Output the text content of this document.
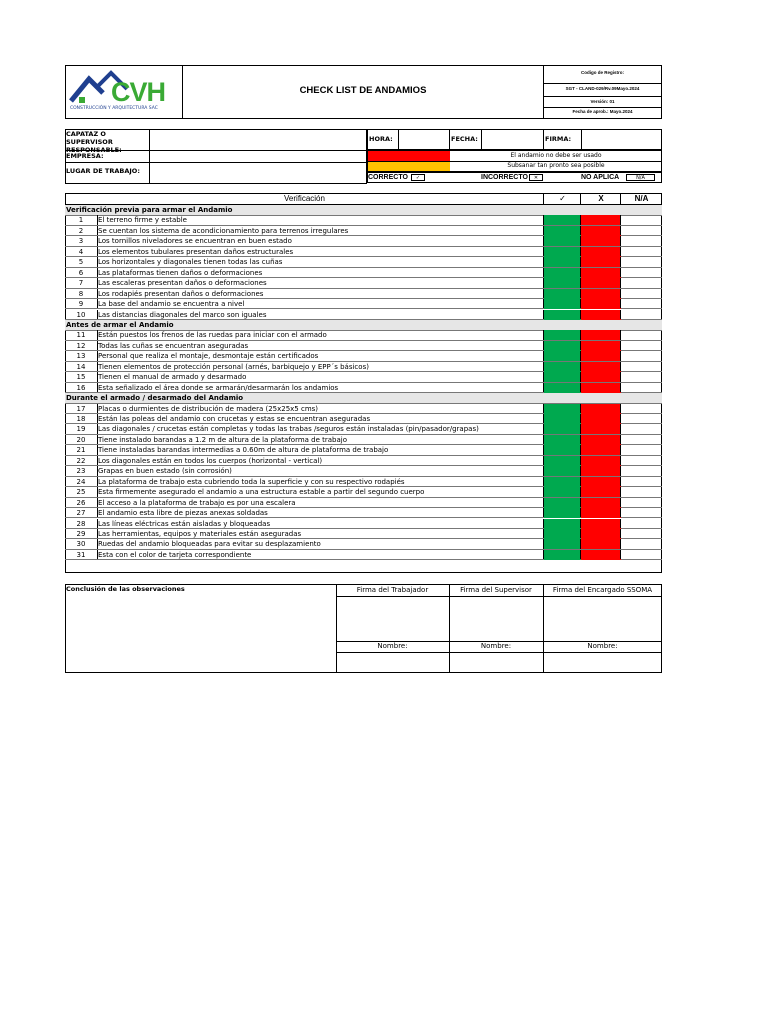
CVH
CONSTRUCCIÓN Y ARQUITECTURA SAC
CHECK LIST DE ANDAMIOS
Codigo de Registro:
SGT - CLAND-029/Rv.09Mayo.2024
Versión: 01
Fecha de aprob.: Mayo.2024
CAPATAZ O SUPERVISOR RESPONSABLE:
EMPRESA:
LUGAR DE TRABAJO:
HORA:	FECHA:	FIRMA:
El andamio no debe ser usado
Subsanar tan pronto sea posible
CORRECTO	✓	INCORRECTO	✕	NO APLICA	N/A
Verificación	✓	X	N/A
Verificación previa para armar el Andamio
1	El terreno firme y estable
2	Se cuentan los sistema de acondicionamiento para terrenos irregulares
3	Los tornillos niveladores se encuentran en buen estado
4	Los elementos tubulares presentan daños estructurales
5	Los horizontales y diagonales tienen todas las cuñas
6	Las plataformas tienen daños o deformaciones
7	Las escaleras presentan daños o deformaciones
8	Los rodapiés presentan daños o deformaciones
9	La base del andamio se encuentra a nivel
10	Las distancias diagonales del marco son iguales
Antes de armar el Andamio
11	Están puestos los frenos de las ruedas para iniciar con el armado
12	Todas las cuñas se encuentran aseguradas
13	Personal que realiza el montaje, desmontaje están certificados
14	Tienen elementos de protección personal (arnés, barbiquejo y EPP´s básicos)
15	Tienen el manual de armado y desarmado
16	Esta señalizado el área donde se armarán/desarmarán los andamios
Durante el armado / desarmado del Andamio
17	Placas o durmientes de distribución de madera (25x25x5 cms)
18	Están las poleas del andamio con crucetas y estas se encuentran aseguradas
19	Las diagonales / crucetas están completas y todas las trabas /seguros están instaladas (pin/pasador/grapas)
20	Tiene instalado barandas a 1.2 m de altura de la plataforma de trabajo
21	Tiene instaladas barandas intermedias a 0.60m de altura de plataforma de trabajo
22	Los diagonales están en todos los cuerpos (horizontal - vertical)
23	Grapas en buen estado (sin corrosión)
24	La plataforma de trabajo esta cubriendo toda la superficie y con su respectivo rodapiés
25	Esta firmemente asegurado el andamio a una estructura estable a partir del segundo cuerpo
26	El acceso a la plataforma de trabajo es por una escalera
27	El andamio esta libre de piezas anexas soldadas
28	Las líneas eléctricas están aisladas y bloqueadas
29	Las herramientas, equipos y materiales están aseguradas
30	Ruedas del andamio bloqueadas para evitar su desplazamiento
31	Esta con el color de tarjeta correspondiente
Conclusión de las observaciones	Firma del Trabajador	Firma del Supervisor	Firma del Encargado SSOMA
Nombre:	Nombre:	Nombre:
